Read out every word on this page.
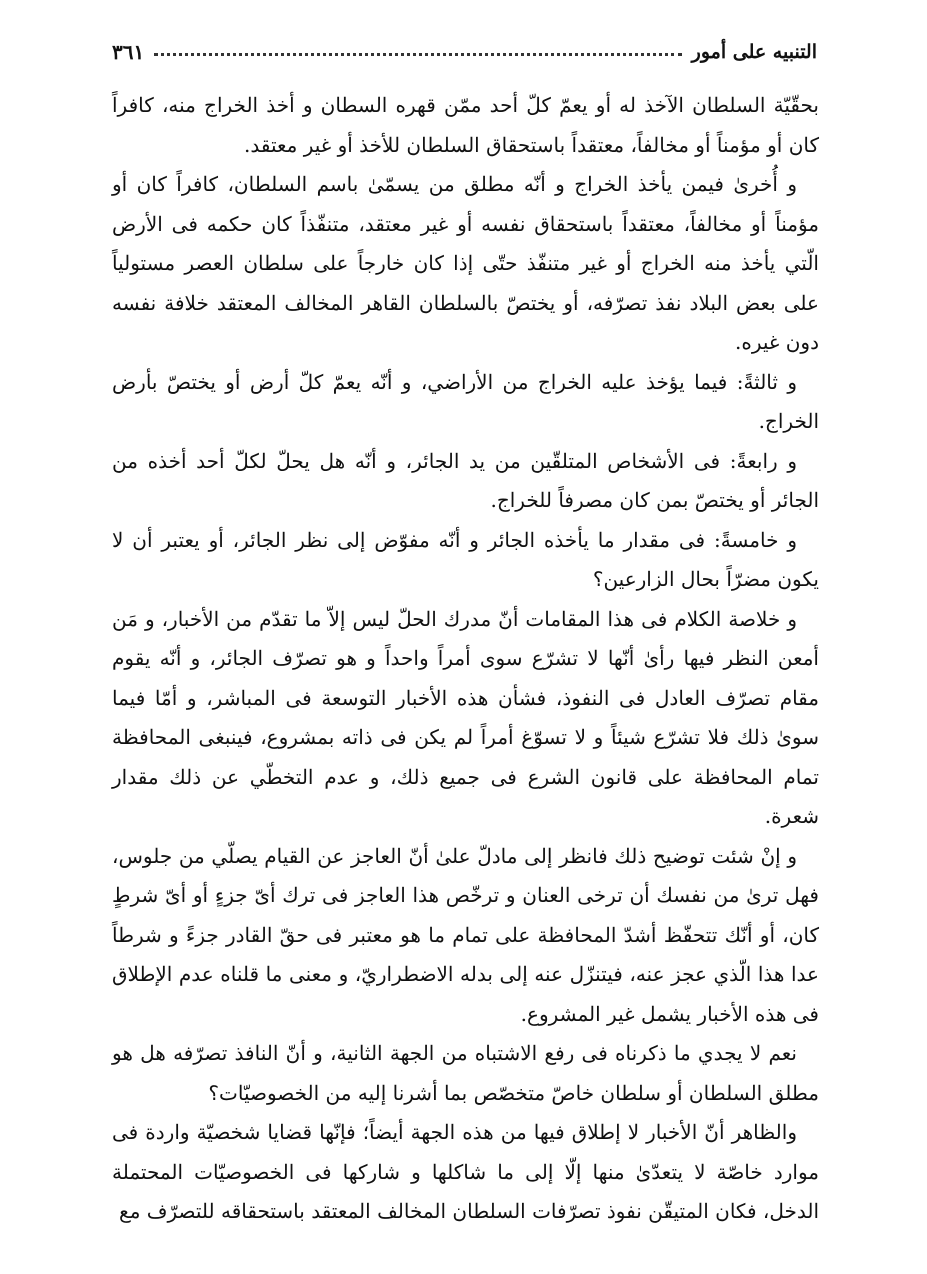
التنبيه على أمور
٣٦١

بحقّيّة السلطان الآخذ له أو يعمّ كلّ أحد ممّن قهره السطان و أخذ الخراج منه، كافراً كان أو مؤمناً أو مخالفاً، معتقداً باستحقاق السلطان للأخذ أو غير معتقد.

و أُخرىٰ فيمن يأخذ الخراج و أنّه مطلق من يسمّىٰ باسم السلطان، كافراً كان أو مؤمناً أو مخالفاً، معتقداً باستحقاق نفسه أو غير معتقد، متنفّذاً كان حكمه فى الأرض الّتي يأخذ منه الخراج أو غير متنفّذ حتّى إذا كان خارجاً على سلطان العصر مستولياً على بعض البلاد نفذ تصرّفه، أو يختصّ بالسلطان القاهر المخالف المعتقد خلافة نفسه دون غيره.

و ثالثةً: فيما يؤخذ عليه الخراج من الأراضي، و أنّه يعمّ كلّ أرض أو يختصّ بأرض الخراج.

و رابعةً: فى الأشخاص المتلقّين من يد الجائر، و أنّه هل يحلّ لكلّ أحد أخذه من الجائر أو يختصّ بمن كان مصرفاً للخراج.

و خامسةً: فى مقدار ما يأخذه الجائر و أنّه مفوّض إلى نظر الجائر، أو يعتبر أن لا يكون مضرّاً بحال الزارعين؟

و خلاصة الكلام فى هذا المقامات أنّ مدرك الحلّ ليس إلاّ ما تقدّم من الأخبار، و مَن أمعن النظر فيها رأىٰ أنّها لا تشرّع سوى أمراً واحداً و هو تصرّف الجائر، و أنّه يقوم مقام تصرّف العادل فى النفوذ، فشأن هذه الأخبار التوسعة فى المباشر، و أمّا فيما سوىٰ ذلك فلا تشرّع شيئاً و لا تسوّغ أمراً لم يكن فى ذاته بمشروع، فينبغى المحافظة تمام المحافظة على قانون الشرع فى جميع ذلك، و عدم التخطّي عن ذلك مقدار شعرة.

و إنْ شئت توضيح ذلك فانظر إلى مادلّ علىٰ أنّ العاجز عن القيام يصلّي من جلوس، فهل ترىٰ من نفسك أن ترخى العنان و ترخّص هذا العاجز فى ترك أىّ جزءٍ أو أىّ شرطٍ كان، أو أنّك تتحفّظ أشدّ المحافظة على تمام ما هو معتبر فى حقّ القادر جزءً و شرطاً عدا هذا الّذي عجز عنه، فيتنزّل عنه إلى بدله الاضطراريّ، و معنى ما قلناه عدم الإطلاق فى هذه الأخبار يشمل غير المشروع.

نعم لا يجدي ما ذكرناه فى رفع الاشتباه من الجهة الثانية، و أنّ النافذ تصرّفه هل هو مطلق السلطان أو سلطان خاصّ متخصّص بما أشرنا إليه من الخصوصيّات؟

والظاهر أنّ الأخبار لا إطلاق فيها من هذه الجهة أيضاً؛ فإنّها قضايا شخصيّة واردة فى موارد خاصّة لا يتعدّىٰ منها إلّا إلى ما شاكلها و شاركها فى الخصوصيّات المحتملة الدخل، فكان المتيقّن نفوذ تصرّفات السلطان المخالف المعتقد باستحقاقه للتصرّف مع
